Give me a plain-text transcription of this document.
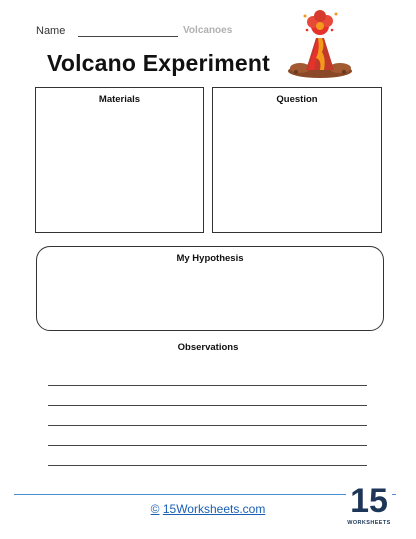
Name	Volcanoes
Volcano Experiment
Materials	Question
My Hypothesis
Observations
© 15Worksheets.com	15
WORKSHEETS
